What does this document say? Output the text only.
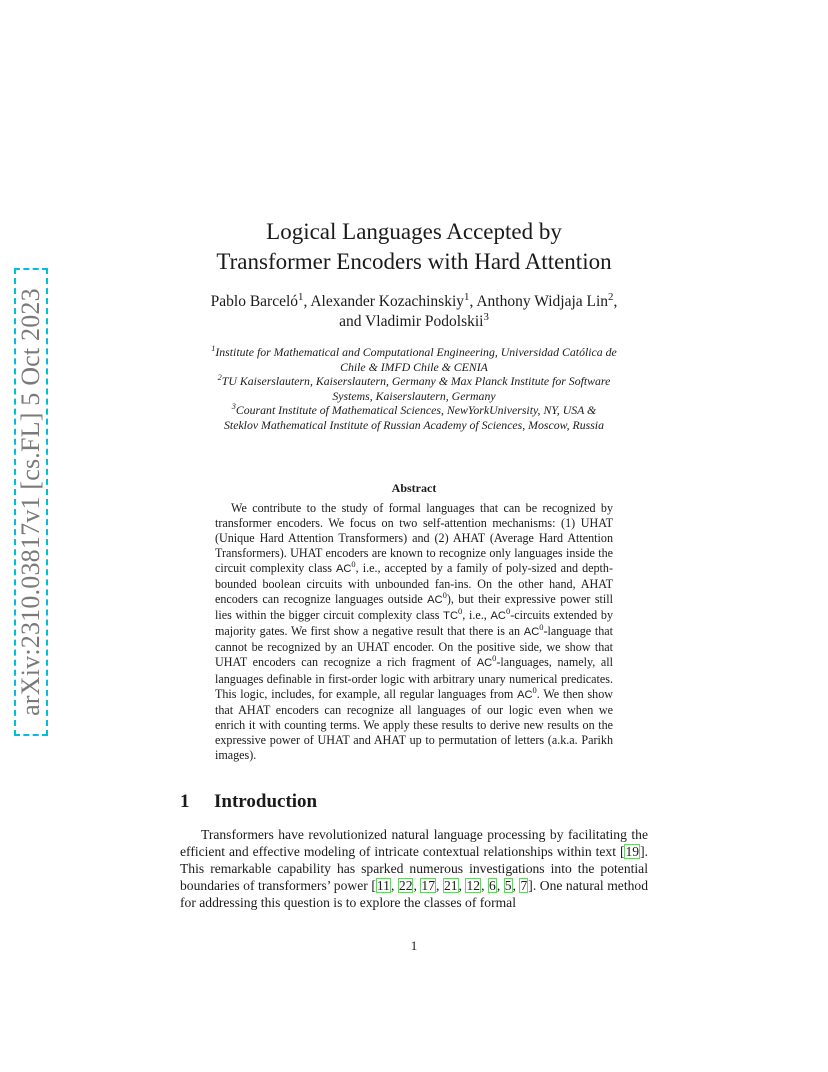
arXiv:2310.03817v1 [cs.FL] 5 Oct 2023
Logical Languages Accepted by
Transformer Encoders with Hard Attention
Pablo Barceló$^1$, Alexander Kozachinskiy$^1$, Anthony Widjaja Lin$^2$,
and Vladimir Podolskii$^3$
$^1$Institute for Mathematical and Computational Engineering, Universidad Católica de
Chile & IMFD Chile & CENIA
$^2$TU Kaiserslautern, Kaiserslautern, Germany & Max Planck Institute for Software
Systems, Kaiserslautern, Germany
$^3$Courant Institute of Mathematical Sciences, NewYorkUniversity, NY, USA &
Steklov Mathematical Institute of Russian Academy of Sciences, Moscow, Russia
Abstract
We contribute to the study of formal languages that can be recognized by transformer encoders. We focus on two self-attention mechanisms: (1) UHAT (Unique Hard Attention Transformers) and (2) AHAT (Average Hard Attention Transformers). UHAT encoders are known to recognize only languages inside the circuit complexity class $AC^0$, i.e., accepted by a family of poly-sized and depth-bounded boolean circuits with unbounded fan-ins. On the other hand, AHAT encoders can recognize languages outside $AC^0$), but their expressive power still lies within the bigger circuit complexity class $TC^0$, i.e., $AC^0$-circuits extended by majority gates. We first show a negative result that there is an $AC^0$-language that cannot be recognized by an UHAT encoder. On the positive side, we show that UHAT encoders can recognize a rich fragment of $AC^0$-languages, namely, all languages definable in first-order logic with arbitrary unary numerical predicates. This logic, includes, for example, all regular languages from $AC^0$. We then show that AHAT encoders can recognize all languages of our logic even when we enrich it with counting terms. We apply these results to derive new results on the expressive power of UHAT and AHAT up to permutation of letters (a.k.a. Parikh images).
1 Introduction
Transformers have revolutionized natural language processing by facilitating the efficient and effective modeling of intricate contextual relationships within text [19]. This remarkable capability has sparked numerous investigations into the potential boundaries of transformers’ power [11, 22, 17, 21, 12, 6, 5, 7]. One natural method for addressing this question is to explore the classes of formal
1
